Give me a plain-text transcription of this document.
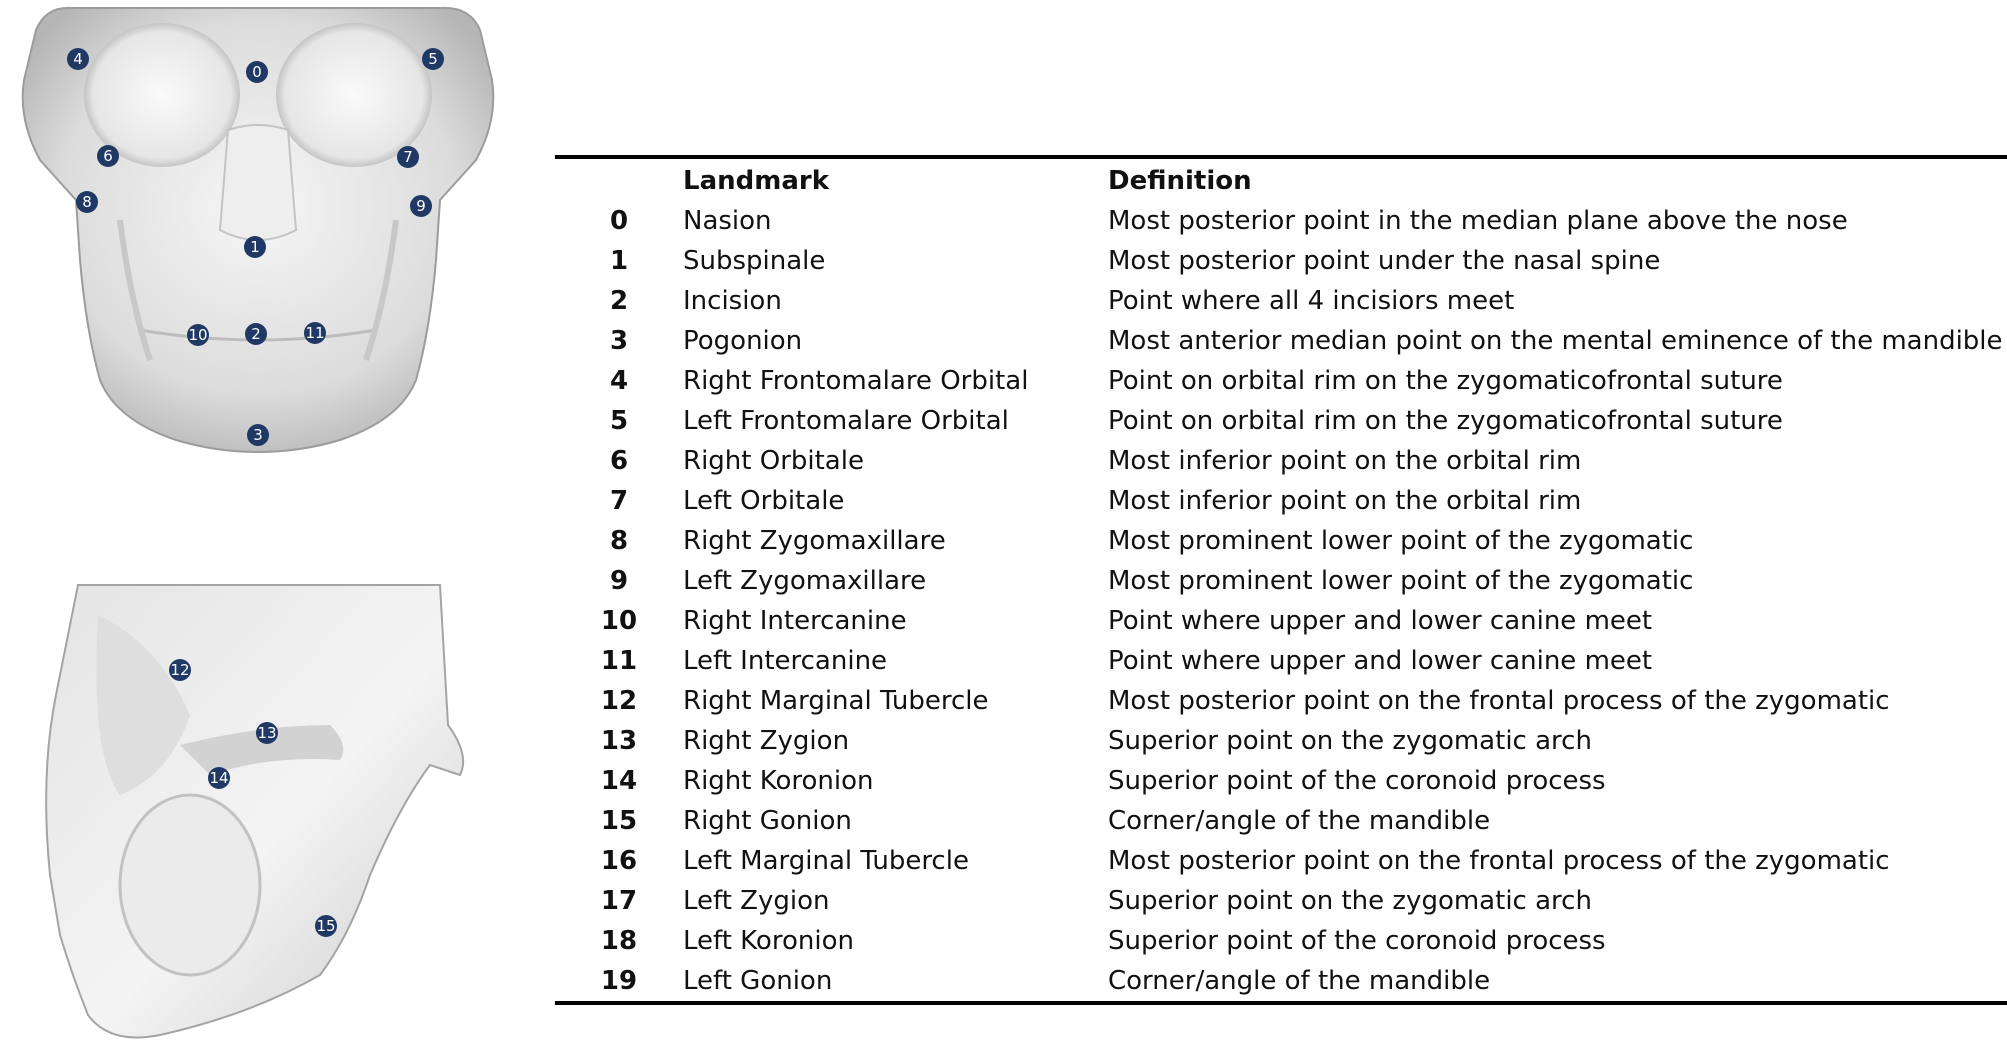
0
1
2
3
4	5
6	7
8	9
10	11
12
13
14
15
	Landmark	Definition
0	Nasion	Most posterior point in the median plane above the nose
1	Subspinale	Most posterior point under the nasal spine
2	Incision	Point where all 4 incisiors meet
3	Pogonion	Most anterior median point on the mental eminence of the mandible
4	Right Frontomalare Orbital	Point on orbital rim on the zygomaticofrontal suture
5	Left Frontomalare Orbital	Point on orbital rim on the zygomaticofrontal suture
6	Right Orbitale	Most inferior point on the orbital rim
7	Left Orbitale	Most inferior point on the orbital rim
8	Right Zygomaxillare	Most prominent lower point of the zygomatic
9	Left Zygomaxillare	Most prominent lower point of the zygomatic
10	Right Intercanine	Point where upper and lower canine meet
11	Left Intercanine	Point where upper and lower canine meet
12	Right Marginal Tubercle	Most posterior point on the frontal process of the zygomatic
13	Right Zygion	Superior point on the zygomatic arch
14	Right Koronion	Superior point of the coronoid process
15	Right Gonion	Corner/angle of the mandible
16	Left Marginal Tubercle	Most posterior point on the frontal process of the zygomatic
17	Left Zygion	Superior point on the zygomatic arch
18	Left Koronion	Superior point of the coronoid process
19	Left Gonion	Corner/angle of the mandible
